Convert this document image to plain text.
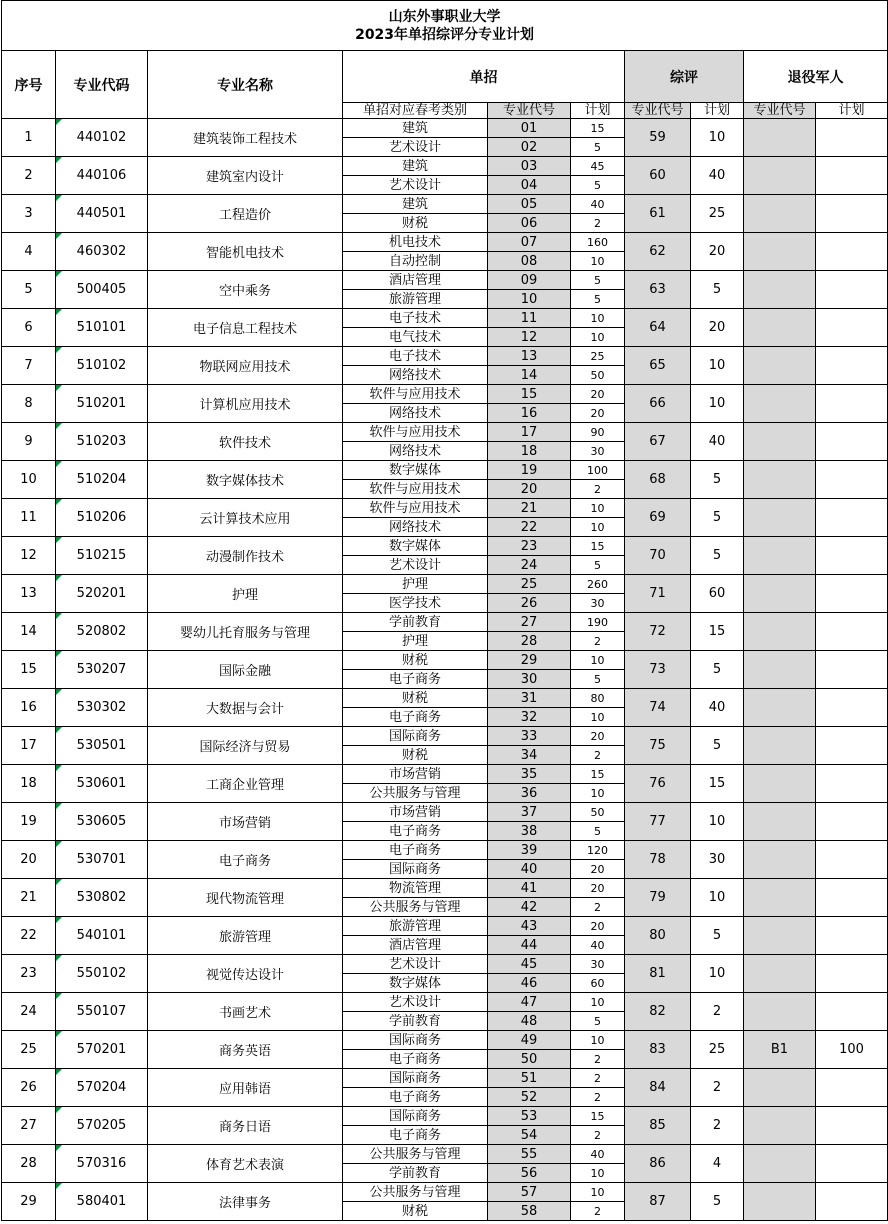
山东外事职业大学
2023年单招综评分专业计划									

序号	专业代码	专业名称	单招			综评		退役军人	
			单招对应春考类别	专业代号	计划	专业代号	计划	专业代号	计划
1	440102	建筑装饰工程技术	建筑	01	15	59	10		
			艺术设计	02	5				
2	440106	建筑室内设计	建筑	03	45	60	40		
			艺术设计	04	5				
3	440501	工程造价	建筑	05	40	61	25		
			财税	06	2				
4	460302	智能机电技术	机电技术	07	160	62	20		
			自动控制	08	10				
5	500405	空中乘务	酒店管理	09	5	63	5		
			旅游管理	10	5				
6	510101	电子信息工程技术	电子技术	11	10	64	20		
			电气技术	12	10				
7	510102	物联网应用技术	电子技术	13	25	65	10		
			网络技术	14	50				
8	510201	计算机应用技术	软件与应用技术	15	20	66	10		
			网络技术	16	20				
9	510203	软件技术	软件与应用技术	17	90	67	40		
			网络技术	18	30				
10	510204	数字媒体技术	数字媒体	19	100	68	5		
			软件与应用技术	20	2				
11	510206	云计算技术应用	软件与应用技术	21	10	69	5		
			网络技术	22	10				
12	510215	动漫制作技术	数字媒体	23	15	70	5		
			艺术设计	24	5				
13	520201	护理	护理	25	260	71	60		
			医学技术	26	30				
14	520802	婴幼儿托育服务与管理	学前教育	27	190	72	15		
			护理	28	2				
15	530207	国际金融	财税	29	10	73	5		
			电子商务	30	5				
16	530302	大数据与会计	财税	31	80	74	40		
			电子商务	32	10				
17	530501	国际经济与贸易	国际商务	33	20	75	5		
			财税	34	2				
18	530601	工商企业管理	市场营销	35	15	76	15		
			公共服务与管理	36	10				
19	530605	市场营销	市场营销	37	50	77	10		
			电子商务	38	5				
20	530701	电子商务	电子商务	39	120	78	30		
			国际商务	40	20				
21	530802	现代物流管理	物流管理	41	20	79	10		
			公共服务与管理	42	2				
22	540101	旅游管理	旅游管理	43	20	80	5		
			酒店管理	44	40				
23	550102	视觉传达设计	艺术设计	45	30	81	10		
			数字媒体	46	60				
24	550107	书画艺术	艺术设计	47	10	82	2		
			学前教育	48	5				
25	570201	商务英语	国际商务	49	10	83	25	B1	100
			电子商务	50	2				
26	570204	应用韩语	国际商务	51	2	84	2		
			电子商务	52	2				
27	570205	商务日语	国际商务	53	15	85	2		
			电子商务	54	2				
28	570316	体育艺术表演	公共服务与管理	55	40	86	4		
			学前教育	56	10				
29	580401	法律事务	公共服务与管理	57	10	87	5		
			财税	58	2				
